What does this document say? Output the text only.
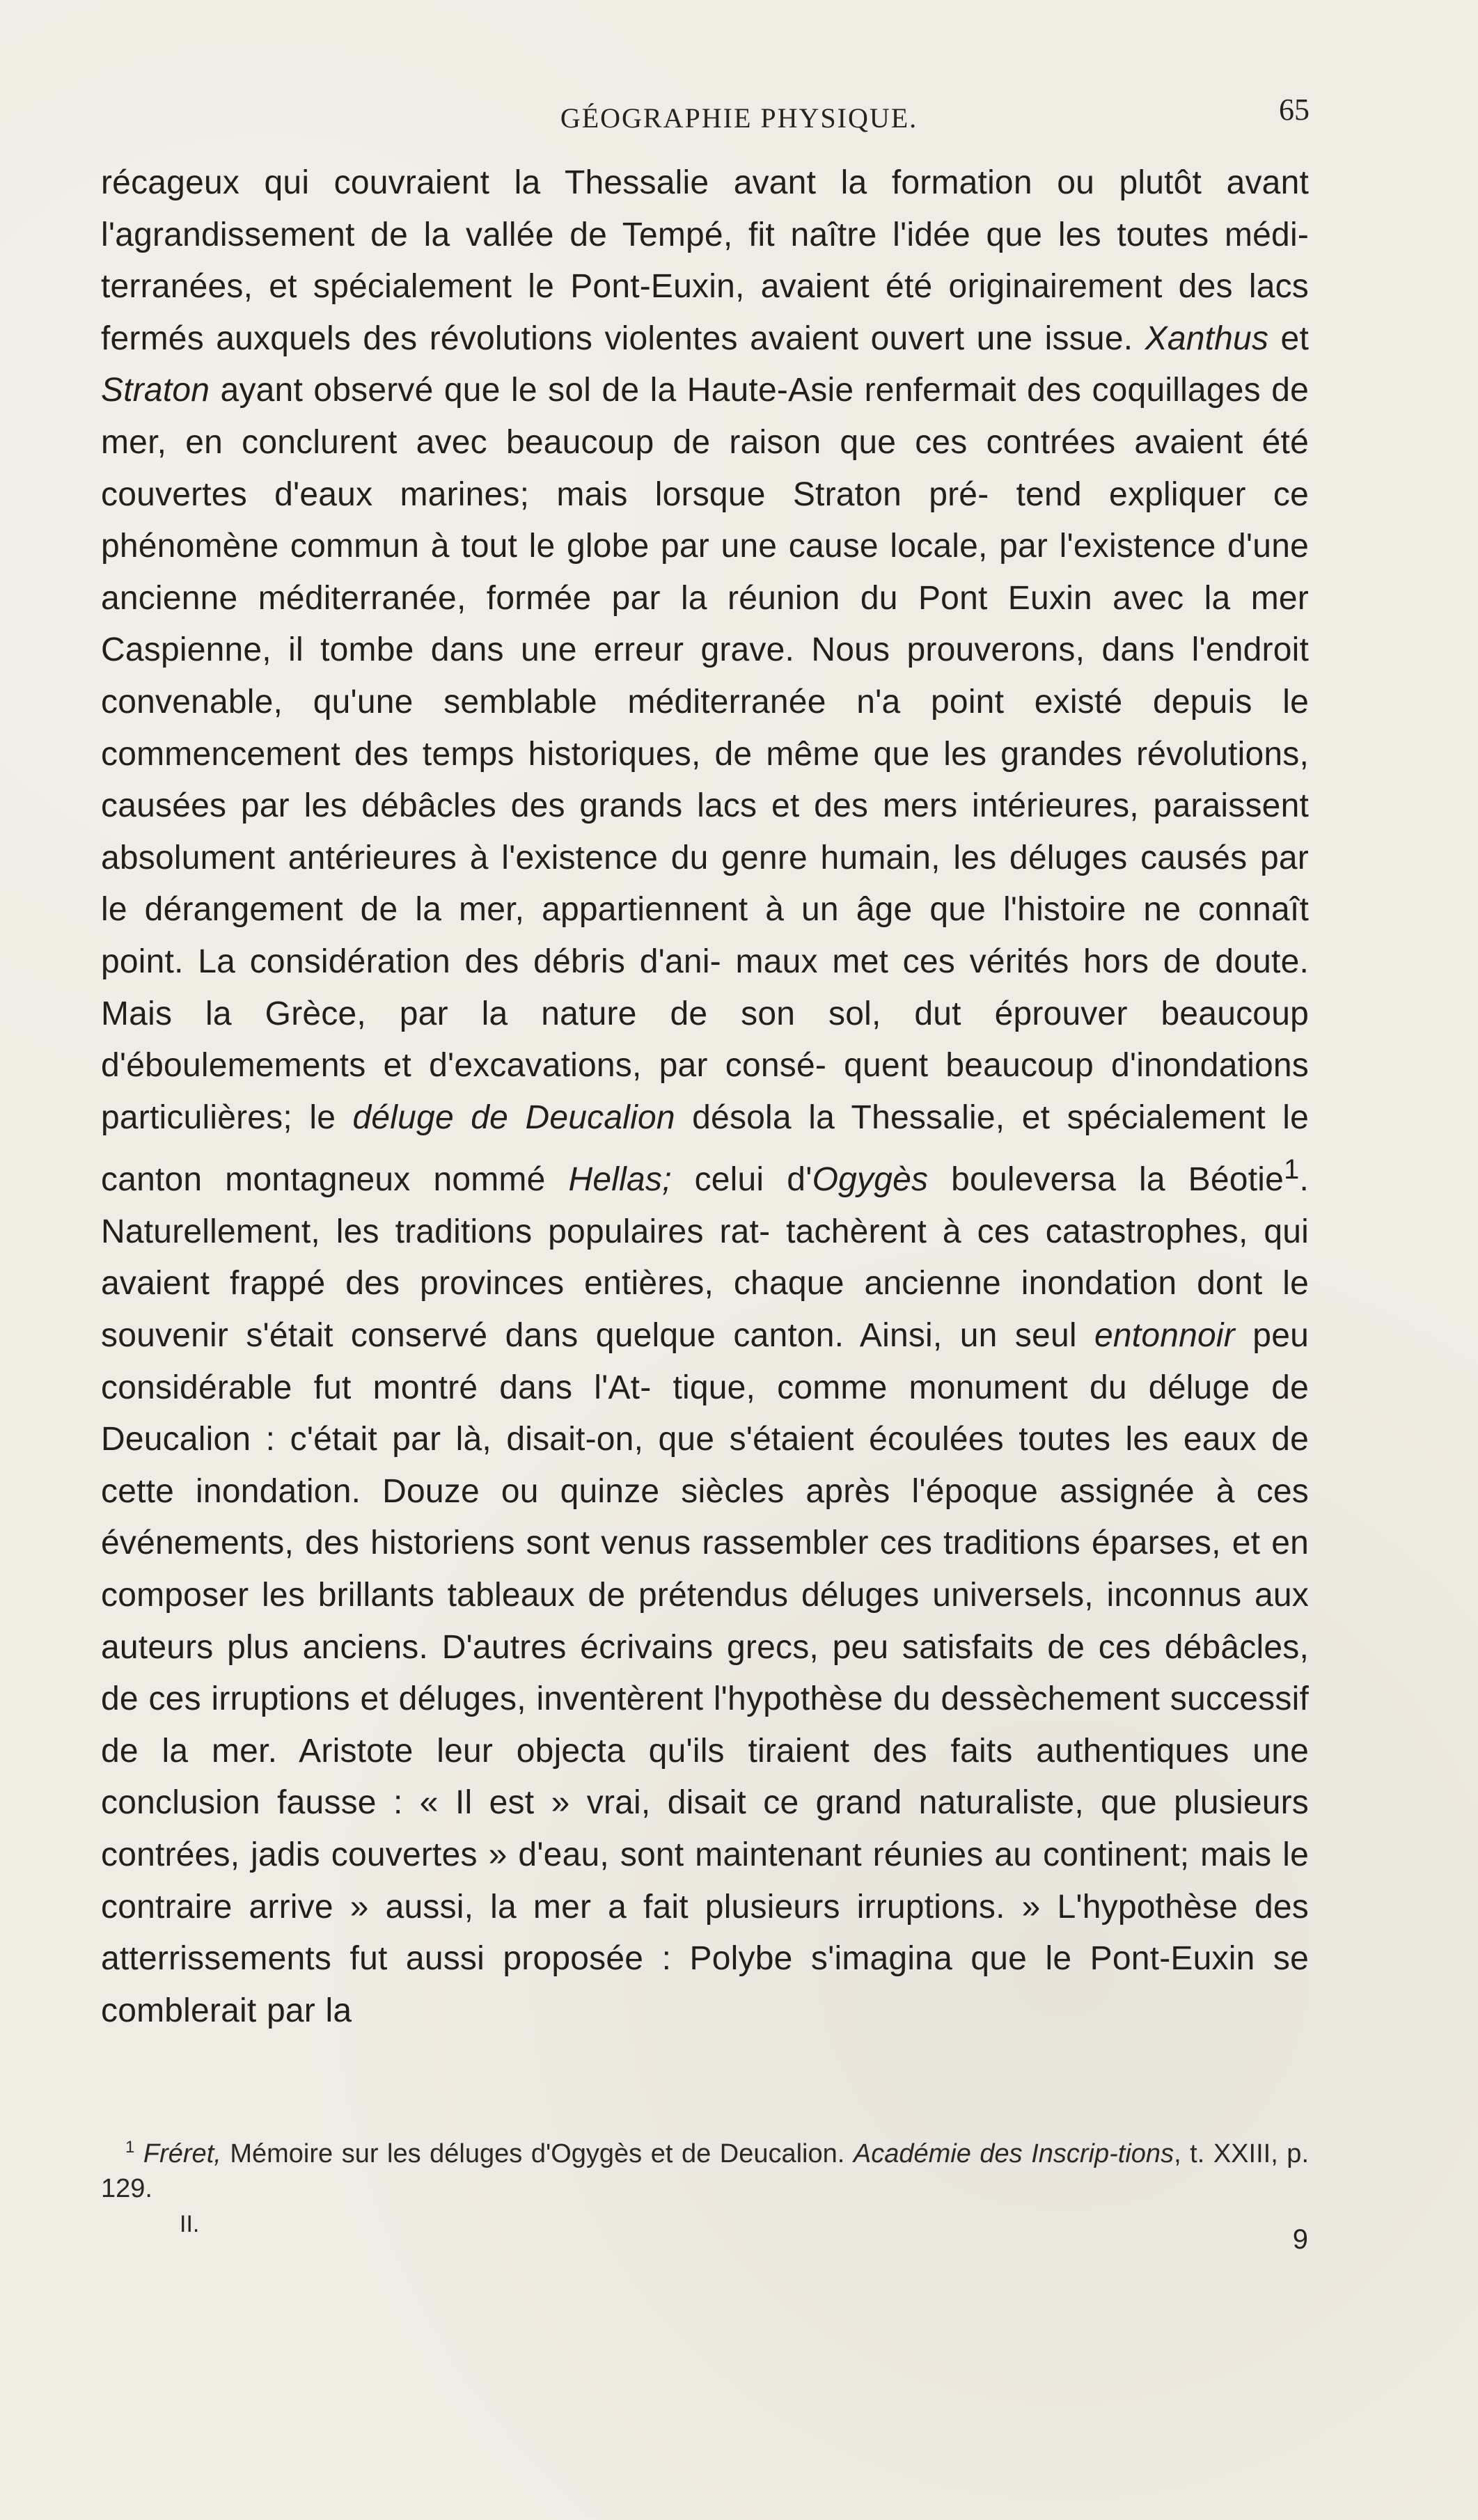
GÉOGRAPHIE PHYSIQUE.	65

récageux qui couvraient la Thessalie avant la formation ou plutôt avant l'agrandissement de la vallée de Tempé, fit naître l'idée que les toutes médi- terranées, et spécialement le Pont-Euxin, avaient été originairement des lacs fermés auxquels des révolutions violentes avaient ouvert une issue. Xanthus et Straton ayant observé que le sol de la Haute-Asie renfermait des coquillages de mer, en conclurent avec beaucoup de raison que ces contrées avaient été couvertes d'eaux marines; mais lorsque Straton pré- tend expliquer ce phénomène commun à tout le globe par une cause locale, par l'existence d'une ancienne méditerranée, formée par la réunion du Pont Euxin avec la mer Caspienne, il tombe dans une erreur grave. Nous prouverons, dans l'endroit convenable, qu'une semblable méditerranée n'a point existé depuis le commencement des temps historiques, de même que les grandes révolutions, causées par les débâcles des grands lacs et des mers intérieures, paraissent absolument antérieures à l'existence du genre humain, les déluges causés par le dérangement de la mer, appartiennent à un âge que l'histoire ne connaît point. La considération des débris d'ani- maux met ces vérités hors de doute. Mais la Grèce, par la nature de son sol, dut éprouver beaucoup d'éboulemements et d'excavations, par consé- quent beaucoup d'inondations particulières; le déluge de Deucalion désola la Thessalie, et spécialement le canton montagneux nommé Hellas; celui d'Ogygès bouleversa la Béotie$^1$. Naturellement, les traditions populaires rat- tachèrent à ces catastrophes, qui avaient frappé des provinces entières, chaque ancienne inondation dont le souvenir s'était conservé dans quelque canton. Ainsi, un seul entonnoir peu considérable fut montré dans l'At- tique, comme monument du déluge de Deucalion : c'était par là, disait-on, que s'étaient écoulées toutes les eaux de cette inondation. Douze ou quinze siècles après l'époque assignée à ces événements, des historiens sont venus rassembler ces traditions éparses, et en composer les brillants tableaux de prétendus déluges universels, inconnus aux auteurs plus anciens. D'autres écrivains grecs, peu satisfaits de ces débâcles, de ces irruptions et déluges, inventèrent l'hypothèse du dessèchement successif de la mer. Aristote leur objecta qu'ils tiraient des faits authentiques une conclusion fausse : « Il est » vrai, disait ce grand naturaliste, que plusieurs contrées, jadis couvertes » d'eau, sont maintenant réunies au continent; mais le contraire arrive » aussi, la mer a fait plusieurs irruptions. » L'hypothèse des atterrissements fut aussi proposée : Polybe s'imagina que le Pont-Euxin se comblerait par la

$^1$ Fréret, Mémoire sur les déluges d'Ogygès et de Deucalion. Académie des Inscrip-tions, t. XXIII, p. 129.

II.	9
